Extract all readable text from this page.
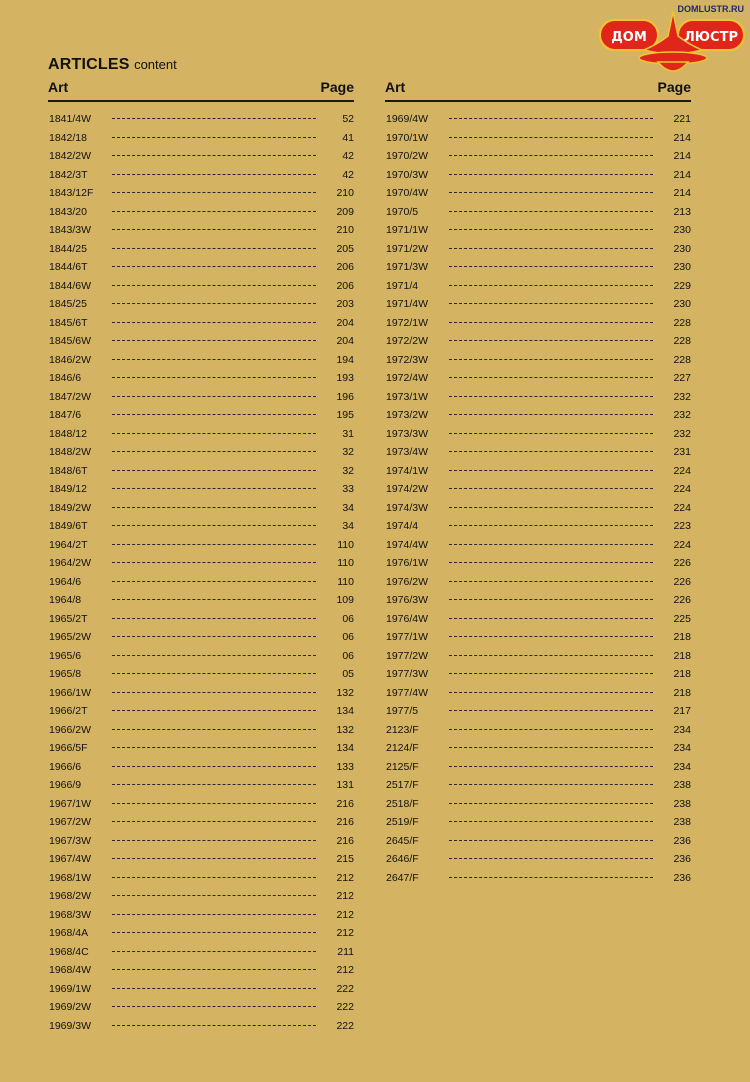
ARTICLES content
DOMLUSTR.RU
ДОМ	ЛЮСТР
Art	Page
1841/4W	52
1842/18	41
1842/2W	42
1842/3T	42
1843/12F	210
1843/20	209
1843/3W	210
1844/25	205
1844/6T	206
1844/6W	206
1845/25	203
1845/6T	204
1845/6W	204
1846/2W	194
1846/6	193
1847/2W	196
1847/6	195
1848/12	31
1848/2W	32
1848/6T	32
1849/12	33
1849/2W	34
1849/6T	34
1964/2T	110
1964/2W	110
1964/6	110
1964/8	109
1965/2T	06
1965/2W	06
1965/6	06
1965/8	05
1966/1W	132
1966/2T	134
1966/2W	132
1966/5F	134
1966/6	133
1966/9	131
1967/1W	216
1967/2W	216
1967/3W	216
1967/4W	215
1968/1W	212
1968/2W	212
1968/3W	212
1968/4A	212
1968/4C	211
1968/4W	212
1969/1W	222
1969/2W	222
1969/3W	222
Art	Page
1969/4W	221
1970/1W	214
1970/2W	214
1970/3W	214
1970/4W	214
1970/5	213
1971/1W	230
1971/2W	230
1971/3W	230
1971/4	229
1971/4W	230
1972/1W	228
1972/2W	228
1972/3W	228
1972/4W	227
1973/1W	232
1973/2W	232
1973/3W	232
1973/4W	231
1974/1W	224
1974/2W	224
1974/3W	224
1974/4	223
1974/4W	224
1976/1W	226
1976/2W	226
1976/3W	226
1976/4W	225
1977/1W	218
1977/2W	218
1977/3W	218
1977/4W	218
1977/5	217
2123/F	234
2124/F	234
2125/F	234
2517/F	238
2518/F	238
2519/F	238
2645/F	236
2646/F	236
2647/F	236
